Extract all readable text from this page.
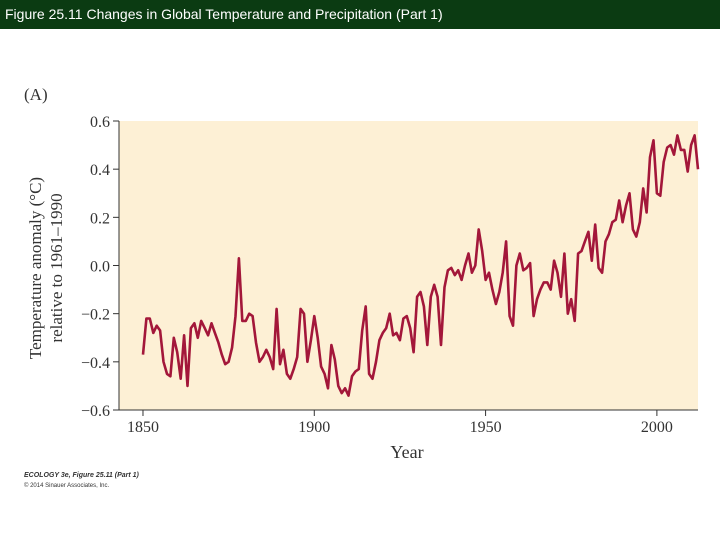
Figure 25.11 Changes in Global Temperature and Precipitation (Part 1)
−0.6
−0.4
−0.2
0.0
0.2
0.4
0.6
1850	1900	1950	2000
(A)
Temperature anomaly (°C) relative to 1961–1990
Year
ECOLOGY 3e, Figure 25.11 (Part 1)
© 2014 Sinauer Associates, Inc.
